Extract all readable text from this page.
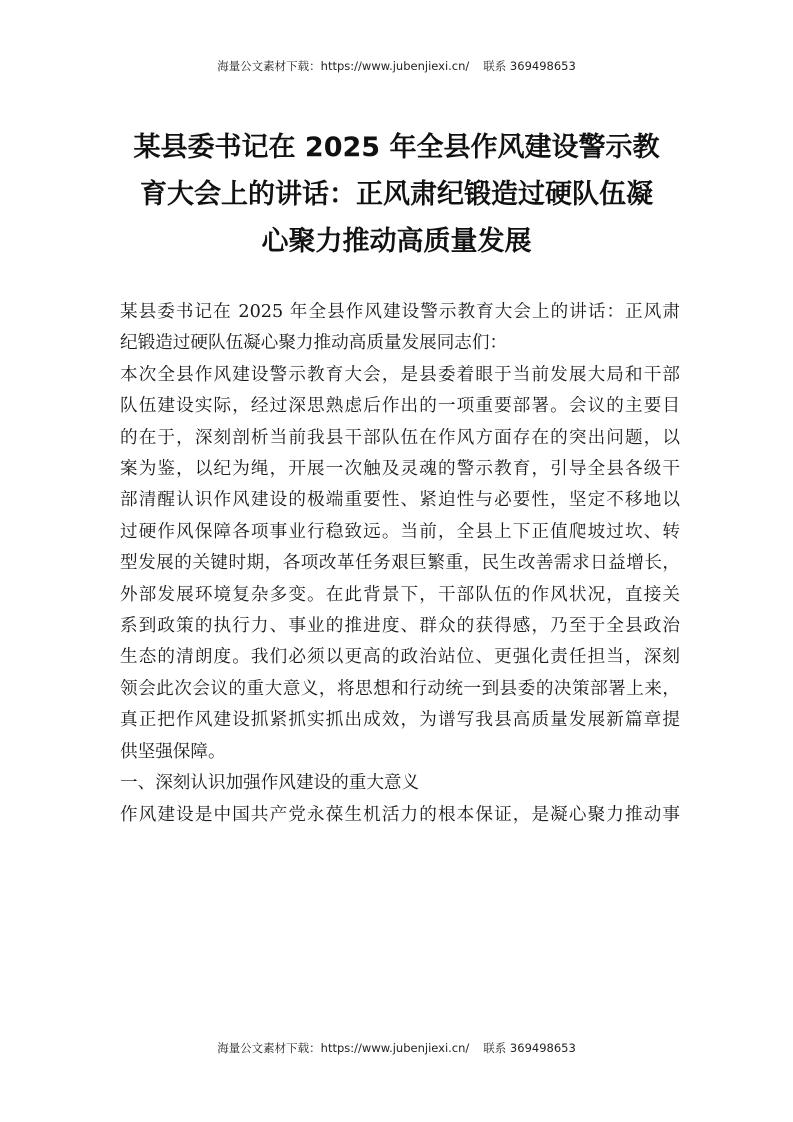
海量公文素材下载：https://www.jubenjiexi.cn/ 联系 369498653
某县委书记在 2025 年全县作风建设警示教
育大会上的讲话：正风肃纪锻造过硬队伍凝
心聚力推动高质量发展

某县委书记在 2025 年全县作风建设警示教育大会上的讲话：正风肃
纪锻造过硬队伍凝心聚力推动高质量发展同志们：

本次全县作风建设警示教育大会，是县委着眼于当前发展大局和干部
队伍建设实际，经过深思熟虑后作出的一项重要部署。会议的主要目
的在于，深刻剖析当前我县干部队伍在作风方面存在的突出问题，以
案为鉴，以纪为绳，开展一次触及灵魂的警示教育，引导全县各级干
部清醒认识作风建设的极端重要性、紧迫性与必要性，坚定不移地以
过硬作风保障各项事业行稳致远。当前，全县上下正值爬坡过坎、转
型发展的关键时期，各项改革任务艰巨繁重，民生改善需求日益增长，
外部发展环境复杂多变。在此背景下，干部队伍的作风状况，直接关
系到政策的执行力、事业的推进度、群众的获得感，乃至于全县政治
生态的清朗度。我们必须以更高的政治站位、更强化责任担当，深刻
领会此次会议的重大意义，将思想和行动统一到县委的决策部署上来，
真正把作风建设抓紧抓实抓出成效，为谱写我县高质量发展新篇章提
供坚强保障。

一、深刻认识加强作风建设的重大意义

作风建设是中国共产党永葆生机活力的根本保证，是凝心聚力推动事

海量公文素材下载：https://www.jubenjiexi.cn/ 联系 369498653
